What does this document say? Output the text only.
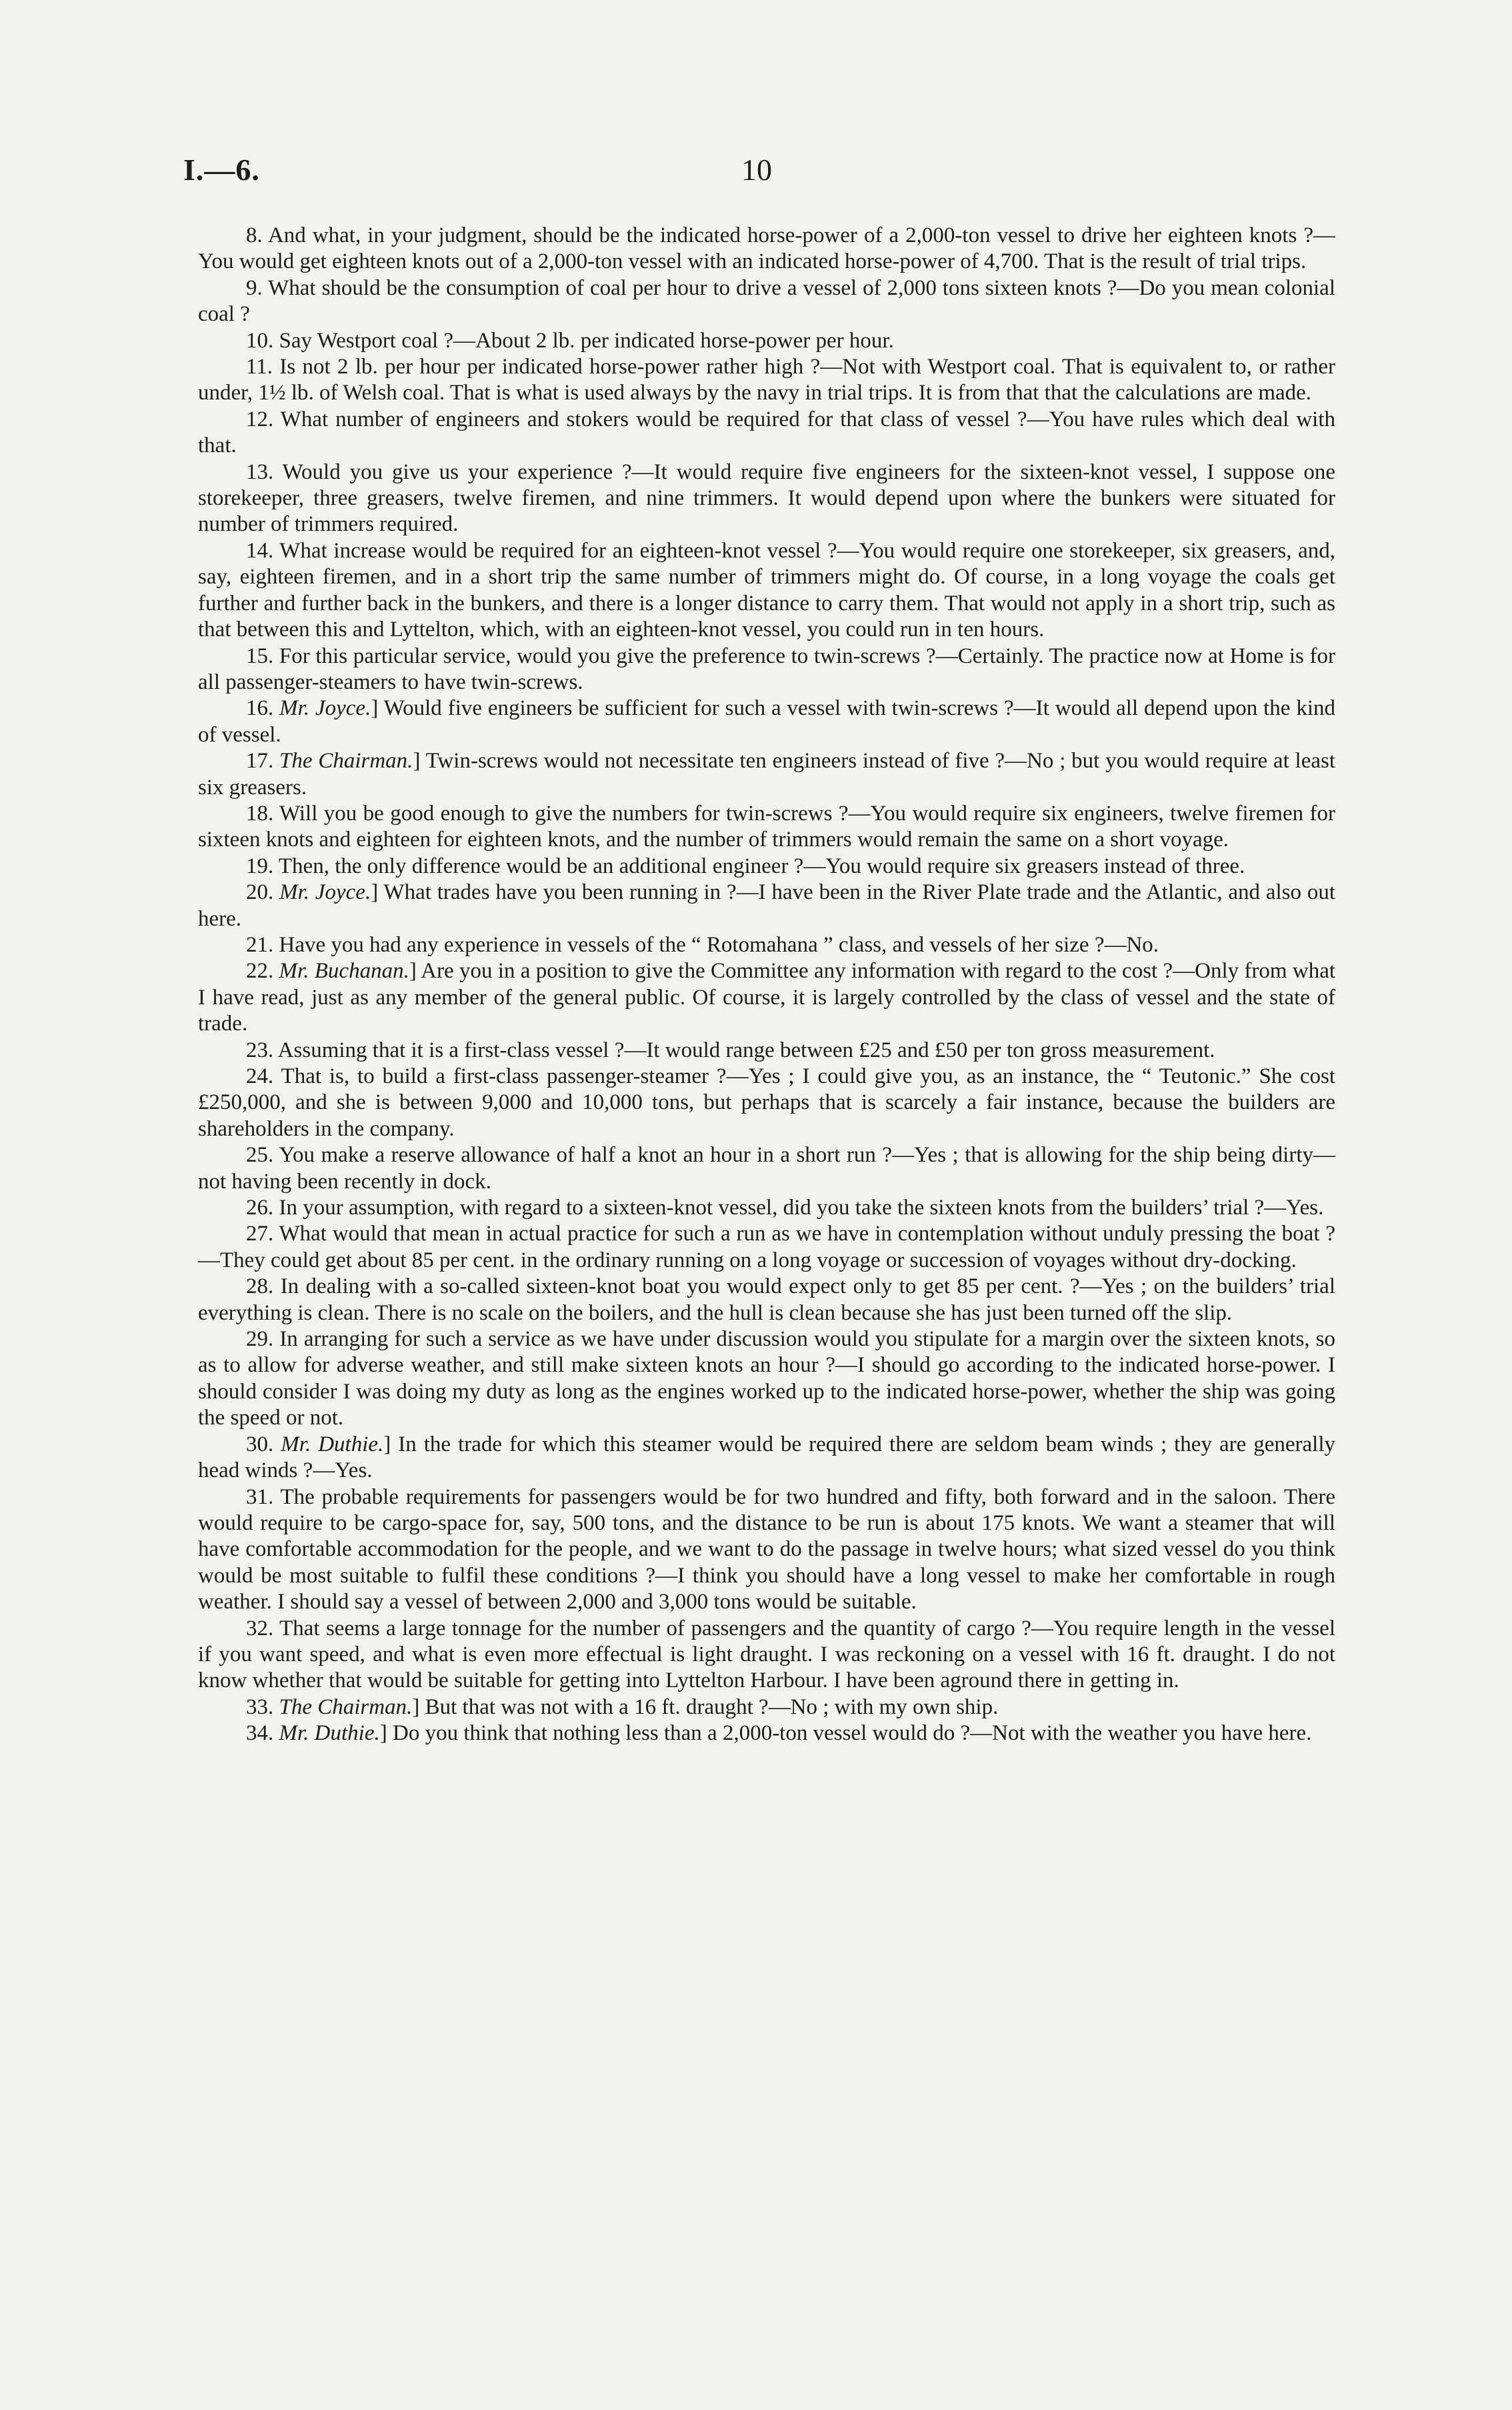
I.—6.	10

8. And what, in your judgment, should be the indicated horse-power of a 2,000-ton vessel to drive her eighteen knots ?—You would get eighteen knots out of a 2,000-ton vessel with an indicated horse-power of 4,700. That is the result of trial trips.

9. What should be the consumption of coal per hour to drive a vessel of 2,000 tons sixteen knots ?—Do you mean colonial coal ?

10. Say Westport coal ?—About 2 lb. per indicated horse-power per hour.

11. Is not 2 lb. per hour per indicated horse-power rather high ?—Not with Westport coal. That is equivalent to, or rather under, 1½ lb. of Welsh coal. That is what is used always by the navy in trial trips. It is from that that the calculations are made.

12. What number of engineers and stokers would be required for that class of vessel ?—You have rules which deal with that.

13. Would you give us your experience ?—It would require five engineers for the sixteen-knot vessel, I suppose one storekeeper, three greasers, twelve firemen, and nine trimmers. It would depend upon where the bunkers were situated for number of trimmers required.

14. What increase would be required for an eighteen-knot vessel ?—You would require one storekeeper, six greasers, and, say, eighteen firemen, and in a short trip the same number of trimmers might do. Of course, in a long voyage the coals get further and further back in the bunkers, and there is a longer distance to carry them. That would not apply in a short trip, such as that between this and Lyttelton, which, with an eighteen-knot vessel, you could run in ten hours.

15. For this particular service, would you give the preference to twin-screws ?—Certainly. The practice now at Home is for all passenger-steamers to have twin-screws.

16. Mr. Joyce.] Would five engineers be sufficient for such a vessel with twin-screws ?—It would all depend upon the kind of vessel.

17. The Chairman.] Twin-screws would not necessitate ten engineers instead of five ?—No ; but you would require at least six greasers.

18. Will you be good enough to give the numbers for twin-screws ?—You would require six engineers, twelve firemen for sixteen knots and eighteen for eighteen knots, and the number of trimmers would remain the same on a short voyage.

19. Then, the only difference would be an additional engineer ?—You would require six greasers instead of three.

20. Mr. Joyce.] What trades have you been running in ?—I have been in the River Plate trade and the Atlantic, and also out here.

21. Have you had any experience in vessels of the “ Rotomahana ” class, and vessels of her size ?—No.

22. Mr. Buchanan.] Are you in a position to give the Committee any information with regard to the cost ?—Only from what I have read, just as any member of the general public. Of course, it is largely controlled by the class of vessel and the state of trade.

23. Assuming that it is a first-class vessel ?—It would range between £25 and £50 per ton gross measurement.

24. That is, to build a first-class passenger-steamer ?—Yes ; I could give you, as an instance, the “ Teutonic.” She cost £250,000, and she is between 9,000 and 10,000 tons, but perhaps that is scarcely a fair instance, because the builders are shareholders in the company.

25. You make a reserve allowance of half a knot an hour in a short run ?—Yes ; that is allowing for the ship being dirty—not having been recently in dock.

26. In your assumption, with regard to a sixteen-knot vessel, did you take the sixteen knots from the builders’ trial ?—Yes.

27. What would that mean in actual practice for such a run as we have in contemplation without unduly pressing the boat ?—They could get about 85 per cent. in the ordinary running on a long voyage or succession of voyages without dry-docking.

28. In dealing with a so-called sixteen-knot boat you would expect only to get 85 per cent. ?—Yes ; on the builders’ trial everything is clean. There is no scale on the boilers, and the hull is clean because she has just been turned off the slip.

29. In arranging for such a service as we have under discussion would you stipulate for a margin over the sixteen knots, so as to allow for adverse weather, and still make sixteen knots an hour ?—I should go according to the indicated horse-power. I should consider I was doing my duty as long as the engines worked up to the indicated horse-power, whether the ship was going the speed or not.

30. Mr. Duthie.] In the trade for which this steamer would be required there are seldom beam winds ; they are generally head winds ?—Yes.

31. The probable requirements for passengers would be for two hundred and fifty, both forward and in the saloon. There would require to be cargo-space for, say, 500 tons, and the distance to be run is about 175 knots. We want a steamer that will have comfortable accommodation for the people, and we want to do the passage in twelve hours; what sized vessel do you think would be most suitable to fulfil these conditions ?—I think you should have a long vessel to make her comfortable in rough weather. I should say a vessel of between 2,000 and 3,000 tons would be suitable.

32. That seems a large tonnage for the number of passengers and the quantity of cargo ?—You require length in the vessel if you want speed, and what is even more effectual is light draught. I was reckoning on a vessel with 16 ft. draught. I do not know whether that would be suitable for getting into Lyttelton Harbour. I have been aground there in getting in.

33. The Chairman.] But that was not with a 16 ft. draught ?—No ; with my own ship.

34. Mr. Duthie.] Do you think that nothing less than a 2,000-ton vessel would do ?—Not with the weather you have here.
